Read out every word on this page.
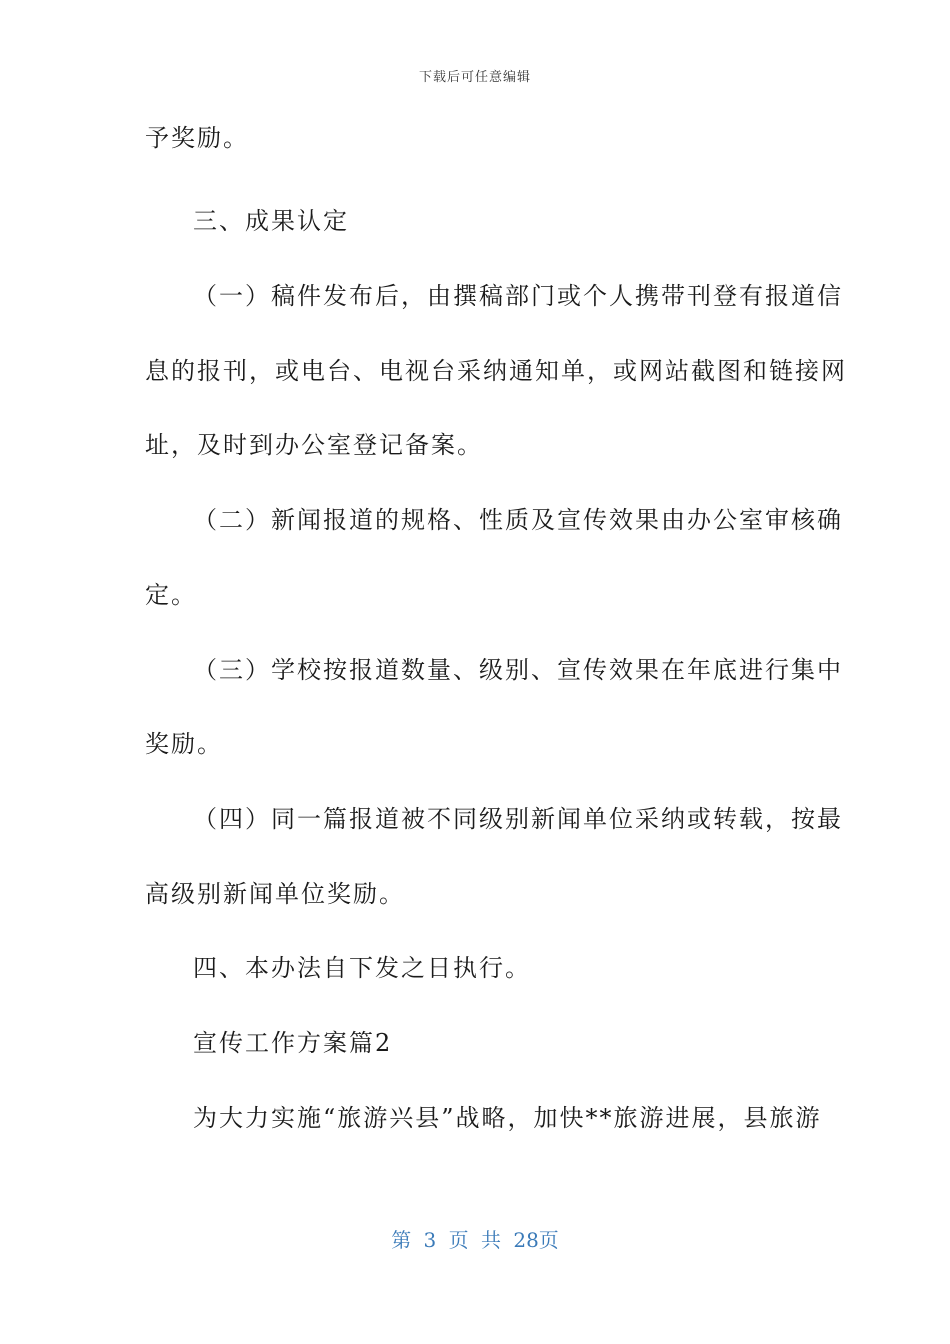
下载后可任意编辑
予奖励。
三、成果认定
（一）稿件发布后，由撰稿部门或个人携带刊登有报道信
息的报刊，或电台、电视台采纳通知单，或网站截图和链接网
址，及时到办公室登记备案。
（二）新闻报道的规格、性质及宣传效果由办公室审核确
定。
（三）学校按报道数量、级别、宣传效果在年底进行集中
奖励。
（四）同一篇报道被不同级别新闻单位采纳或转载，按最
高级别新闻单位奖励。
四、本办法自下发之日执行。
宣传工作方案篇2
为大力实施“旅游兴县”战略，加快**旅游进展，县旅游
第 3 页 共 28页
